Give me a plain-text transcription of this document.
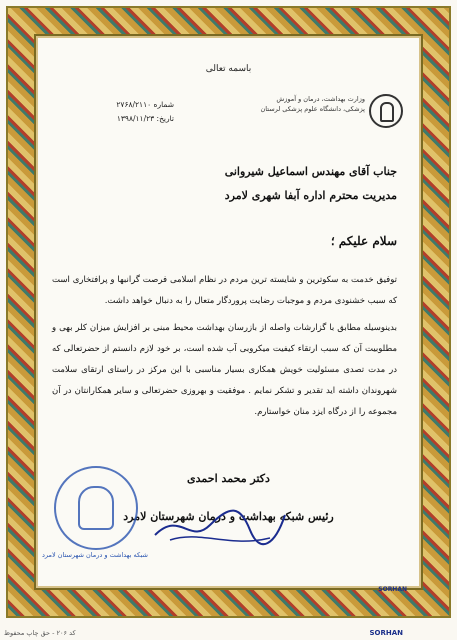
باسمه تعالی
وزارت بهداشت، درمان و آموزش پزشکی، دانشگاه علوم پزشکی لرستان
شماره ۲۷۶۸/۲۱۱۰
تاریخ: ۱۳۹۸/۱۱/۲۳
جناب آقای مهندس اسماعیل شیروانی
مدیریت محترم اداره آبفا شهری لامرد
سلام علیکم ؛

توفیق خدمت به سکوترین و شایسته ترین مردم در نظام اسلامی فرصت گرانبها و پرافتخاری است که سبب خشنودی مردم و موجبات رضایت پروردگار متعال را به دنبال خواهد داشت.

بدینوسیله مطابق با گزارشات واصله از بازرسان بهداشت محیط مبنی بر افزایش میزان کلر بهی و مطلوبیت آن که سبب ارتقاء کیفیت میکروبی آب شده است، بر خود لازم دانستم از حضرتعالی که در مدت تصدی مسئولیت خویش همکاری بسیار مناسبی با این مرکز در راستای ارتقای سلامت شهروندان داشته اید تقدیر و تشکر نمایم . موفقیت و بهروزی حضرتعالی و سایر همکارانتان در آن مجموعه را از درگاه ایزد منان خواستارم.

دکتر محمد احمدی
رئیس شبکه بهداشت و درمان شهرستان لامرد
شبکه بهداشت و درمان شهرستان لامرد
SORHAN
کد ۲۰۶ - حق چاپ محفوظ	SORHAN
